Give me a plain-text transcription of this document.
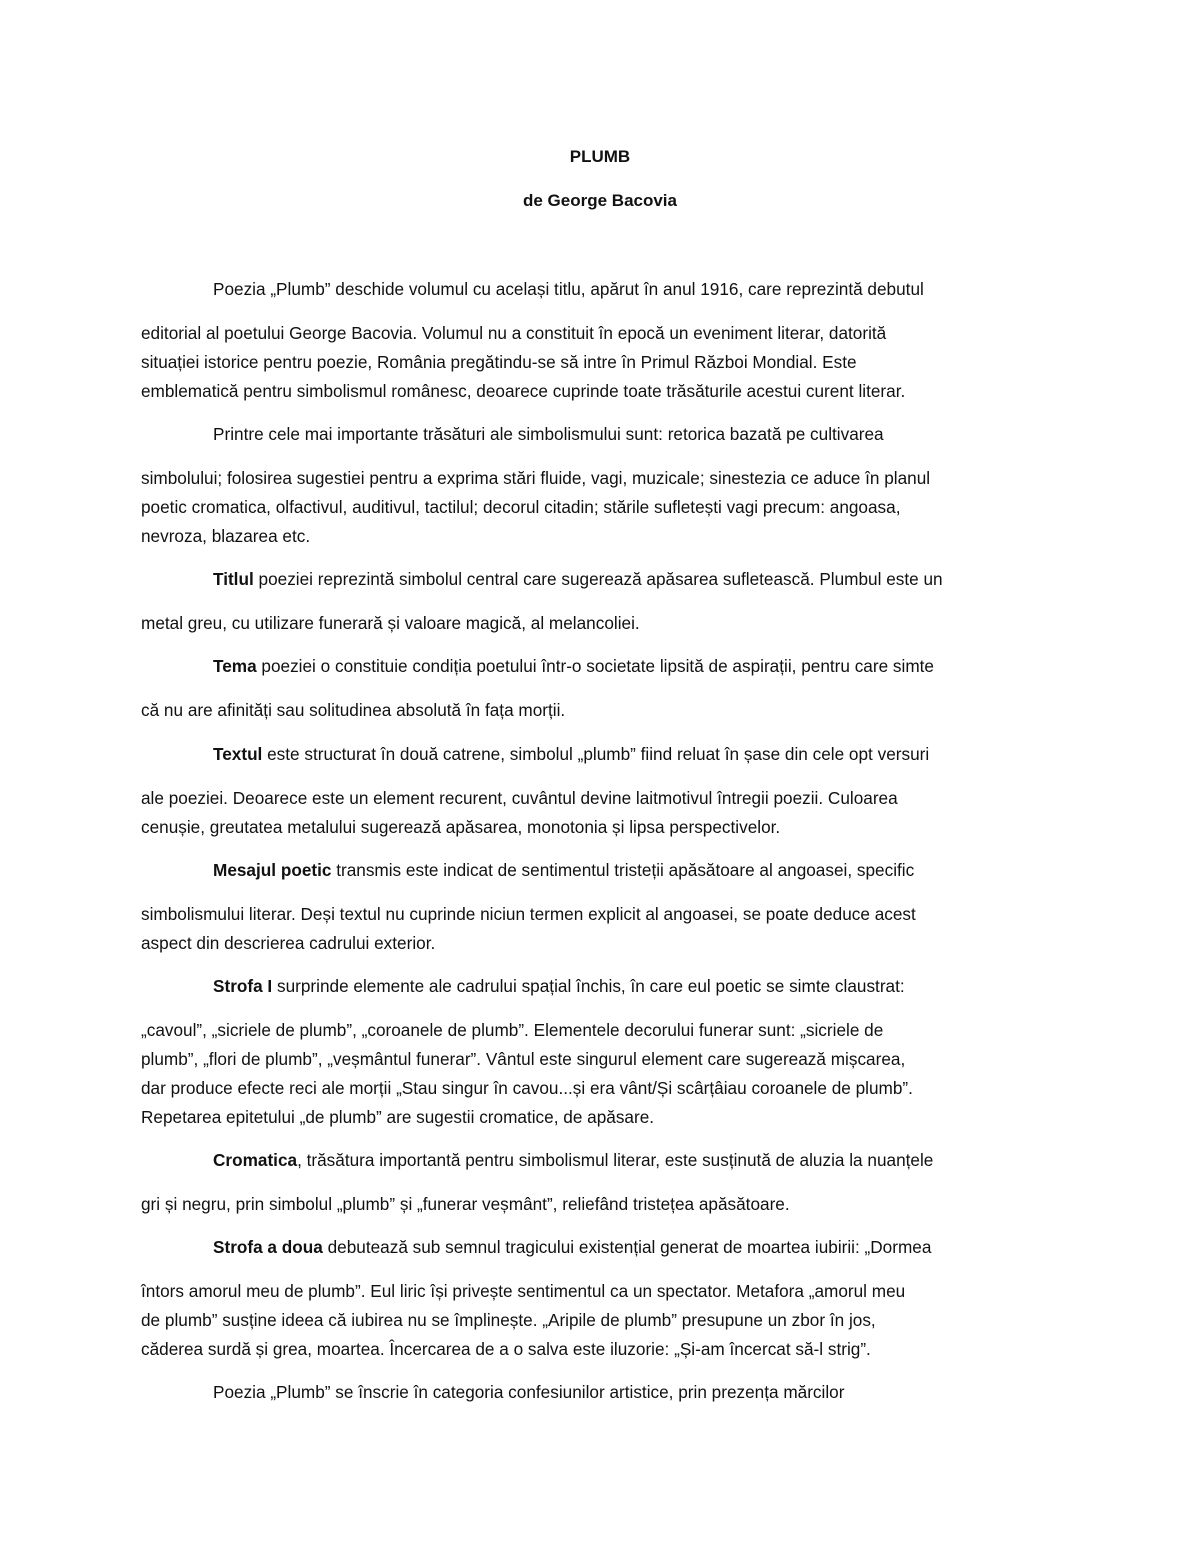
PLUMB
de George Bacovia
Poezia „Plumb” deschide volumul cu același titlu, apărut în anul 1916, care reprezintă debutul
editorial al poetului George Bacovia. Volumul nu a constituit în epocă un eveniment literar, datorită
situației istorice pentru poezie, România pregătindu-se să intre în Primul Război Mondial. Este
emblematică pentru simbolismul românesc, deoarece cuprinde toate trăsăturile acestui curent literar.
Printre cele mai importante trăsături ale simbolismului sunt: retorica bazată pe cultivarea
simbolului; folosirea sugestiei pentru a exprima stări fluide, vagi, muzicale; sinestezia ce aduce în planul
poetic cromatica, olfactivul, auditivul, tactilul; decorul citadin; stările sufletești vagi precum: angoasa,
nevroza, blazarea etc.
Titlul poeziei reprezintă simbolul central care sugerează apăsarea sufletească. Plumbul este un
metal greu, cu utilizare funerară și valoare magică, al melancoliei.
Tema poeziei o constituie condiția poetului într-o societate lipsită de aspirații, pentru care simte
că nu are afinități sau solitudinea absolută în fața morții.
Textul este structurat în două catrene, simbolul „plumb” fiind reluat în șase din cele opt versuri
ale poeziei. Deoarece este un element recurent, cuvântul devine laitmotivul întregii poezii. Culoarea
cenușie, greutatea metalului sugerează apăsarea, monotonia și lipsa perspectivelor.
Mesajul poetic transmis este indicat de sentimentul tristeții apăsătoare al angoasei, specific
simbolismului literar. Deși textul nu cuprinde niciun termen explicit al angoasei, se poate deduce acest
aspect din descrierea cadrului exterior.
Strofa I surprinde elemente ale cadrului spațial închis, în care eul poetic se simte claustrat:
„cavoul”, „sicriele de plumb”, „coroanele de plumb”. Elementele decorului funerar sunt: „sicriele de
plumb”, „flori de plumb”, „veșmântul funerar”. Vântul este singurul element care sugerează mișcarea,
dar produce efecte reci ale morții „Stau singur în cavou...și era vânt/Și scârțâiau coroanele de plumb”.
Repetarea epitetului „de plumb” are sugestii cromatice, de apăsare.
Cromatica, trăsătura importantă pentru simbolismul literar, este susținută de aluzia la nuanțele
gri și negru, prin simbolul „plumb” și „funerar veșmânt”, reliefând tristețea apăsătoare.
Strofa a doua debutează sub semnul tragicului existențial generat de moartea iubirii: „Dormea
întors amorul meu de plumb”. Eul liric își privește sentimentul ca un spectator. Metafora „amorul meu
de plumb” susține ideea că iubirea nu se împlinește. „Aripile de plumb” presupune un zbor în jos,
căderea surdă și grea, moartea. Încercarea de a o salva este iluzorie: „Și-am încercat să-l strig”.
Poezia „Plumb” se înscrie în categoria confesiunilor artistice, prin prezența mărcilor
